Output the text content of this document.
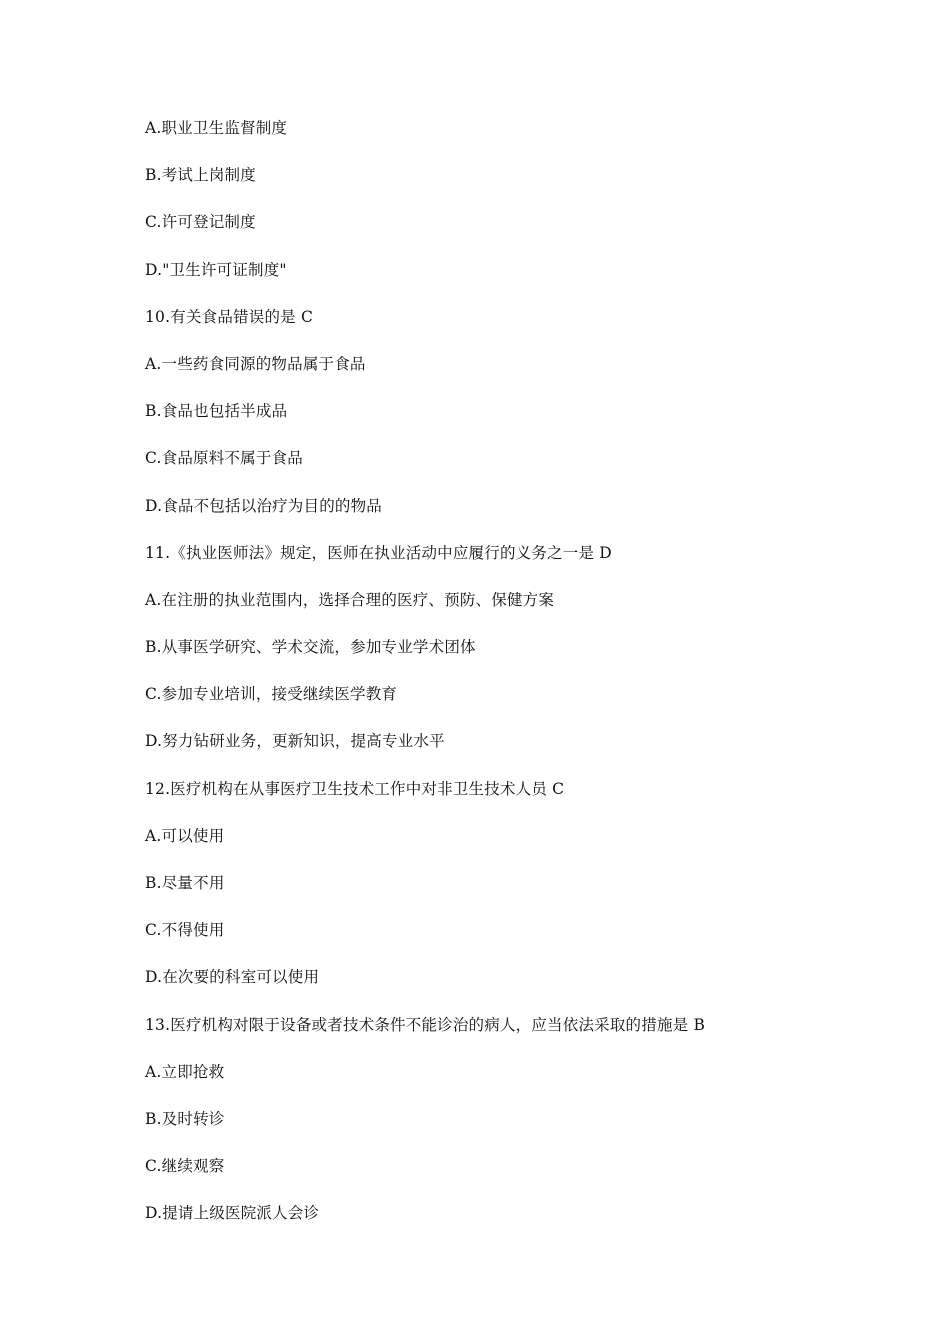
A.职业卫生监督制度
B.考试上岗制度
C.许可登记制度
D."卫生许可证制度"
10.有关食品错误的是 C
A.一些药食同源的物品属于食品
B.食品也包括半成品
C.食品原料不属于食品
D.食品不包括以治疗为目的的物品
11.《执业医师法》规定，医师在执业活动中应履行的义务之一是 D
A.在注册的执业范围内，选择合理的医疗、预防、保健方案
B.从事医学研究、学术交流，参加专业学术团体
C.参加专业培训，接受继续医学教育
D.努力钻研业务，更新知识，提高专业水平
12.医疗机构在从事医疗卫生技术工作中对非卫生技术人员 C
A.可以使用
B.尽量不用
C.不得使用
D.在次要的科室可以使用
13.医疗机构对限于设备或者技术条件不能诊治的病人，应当依法采取的措施是 B
A.立即抢救
B.及时转诊
C.继续观察
D.提请上级医院派人会诊
